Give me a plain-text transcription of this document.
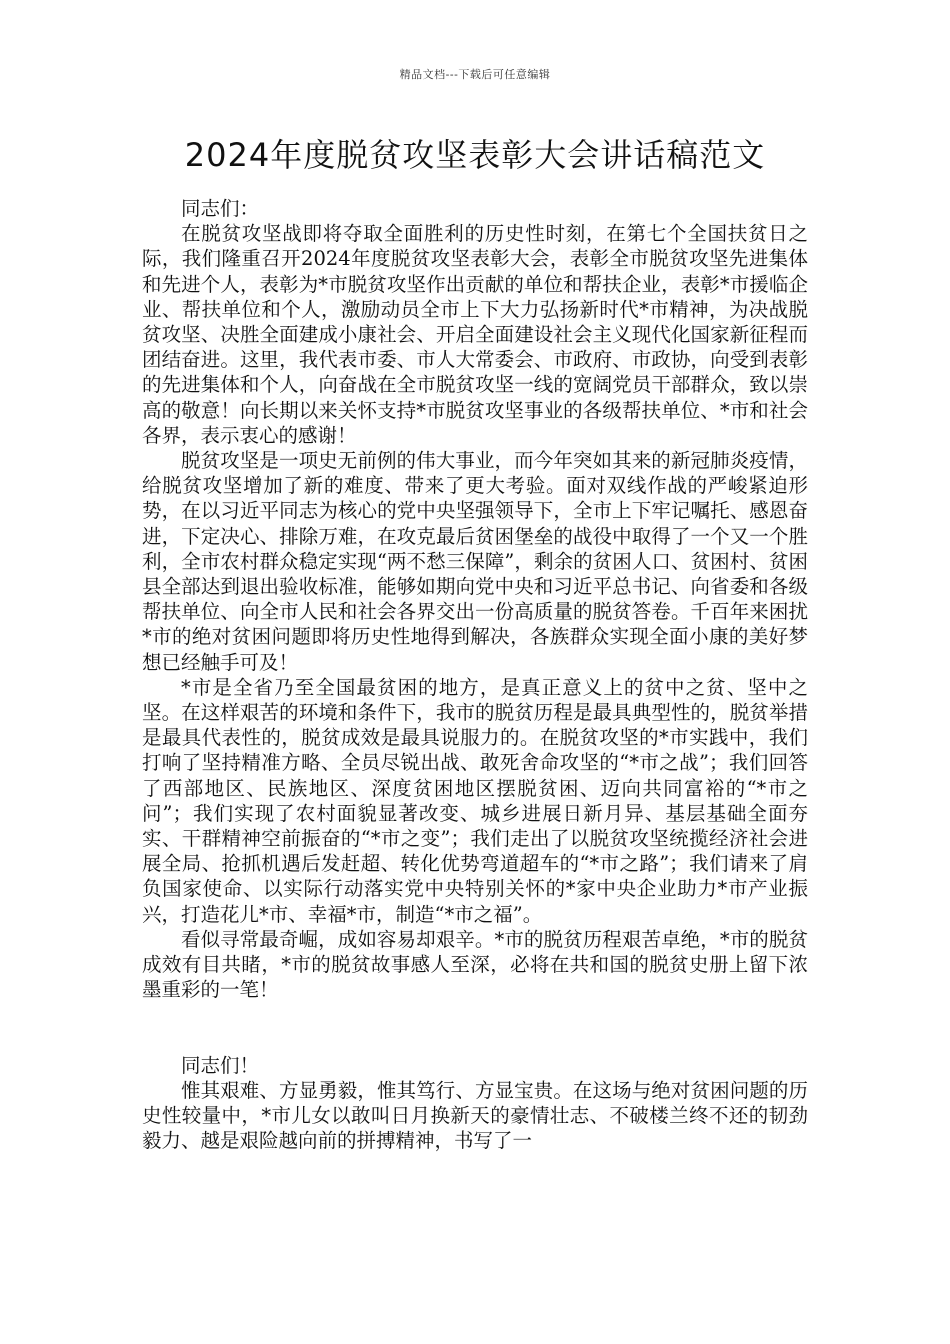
精品文档---下载后可任意编辑
2024年度脱贫攻坚表彰大会讲话稿范文

同志们：

在脱贫攻坚战即将夺取全面胜利的历史性时刻，在第七个全国扶贫日之际，我们隆重召开2024年度脱贫攻坚表彰大会，表彰全市脱贫攻坚先进集体和先进个人，表彰为*市脱贫攻坚作出贡献的单位和帮扶企业，表彰*市援临企业、帮扶单位和个人，激励动员全市上下大力弘扬新时代*市精神，为决战脱贫攻坚、决胜全面建成小康社会、开启全面建设社会主义现代化国家新征程而团结奋进。这里，我代表市委、市人大常委会、市政府、市政协，向受到表彰的先进集体和个人，向奋战在全市脱贫攻坚一线的宽阔党员干部群众，致以崇高的敬意！向长期以来关怀支持*市脱贫攻坚事业的各级帮扶单位、*市和社会各界，表示衷心的感谢！

脱贫攻坚是一项史无前例的伟大事业，而今年突如其来的新冠肺炎疫情，给脱贫攻坚增加了新的难度、带来了更大考验。面对双线作战的严峻紧迫形势，在以习近平同志为核心的党中央坚强领导下，全市上下牢记嘱托、感恩奋进，下定决心、排除万难，在攻克最后贫困堡垒的战役中取得了一个又一个胜利，全市农村群众稳定实现“两不愁三保障”，剩余的贫困人口、贫困村、贫困县全部达到退出验收标准，能够如期向党中央和习近平总书记、向省委和各级帮扶单位、向全市人民和社会各界交出一份高质量的脱贫答卷。千百年来困扰*市的绝对贫困问题即将历史性地得到解决，各族群众实现全面小康的美好梦想已经触手可及！

*市是全省乃至全国最贫困的地方，是真正意义上的贫中之贫、坚中之坚。在这样艰苦的环境和条件下，我市的脱贫历程是最具典型性的，脱贫举措是最具代表性的，脱贫成效是最具说服力的。在脱贫攻坚的*市实践中，我们打响了坚持精准方略、全员尽锐出战、敢死舍命攻坚的“*市之战”；我们回答了西部地区、民族地区、深度贫困地区摆脱贫困、迈向共同富裕的“*市之问”；我们实现了农村面貌显著改变、城乡进展日新月异、基层基础全面夯实、干群精神空前振奋的“*市之变”；我们走出了以脱贫攻坚统揽经济社会进展全局、抢抓机遇后发赶超、转化优势弯道超车的“*市之路”；我们请来了肩负国家使命、以实际行动落实党中央特别关怀的*家中央企业助力*市产业振兴，打造花儿*市、幸福*市，制造“*市之福”。

看似寻常最奇崛，成如容易却艰辛。*市的脱贫历程艰苦卓绝，*市的脱贫成效有目共睹，*市的脱贫故事感人至深，必将在共和国的脱贫史册上留下浓墨重彩的一笔！

同志们！

惟其艰难、方显勇毅，惟其笃行、方显宝贵。在这场与绝对贫困问题的历史性较量中，*市儿女以敢叫日月换新天的豪情壮志、不破楼兰终不还的韧劲毅力、越是艰险越向前的拼搏精神，书写了一
